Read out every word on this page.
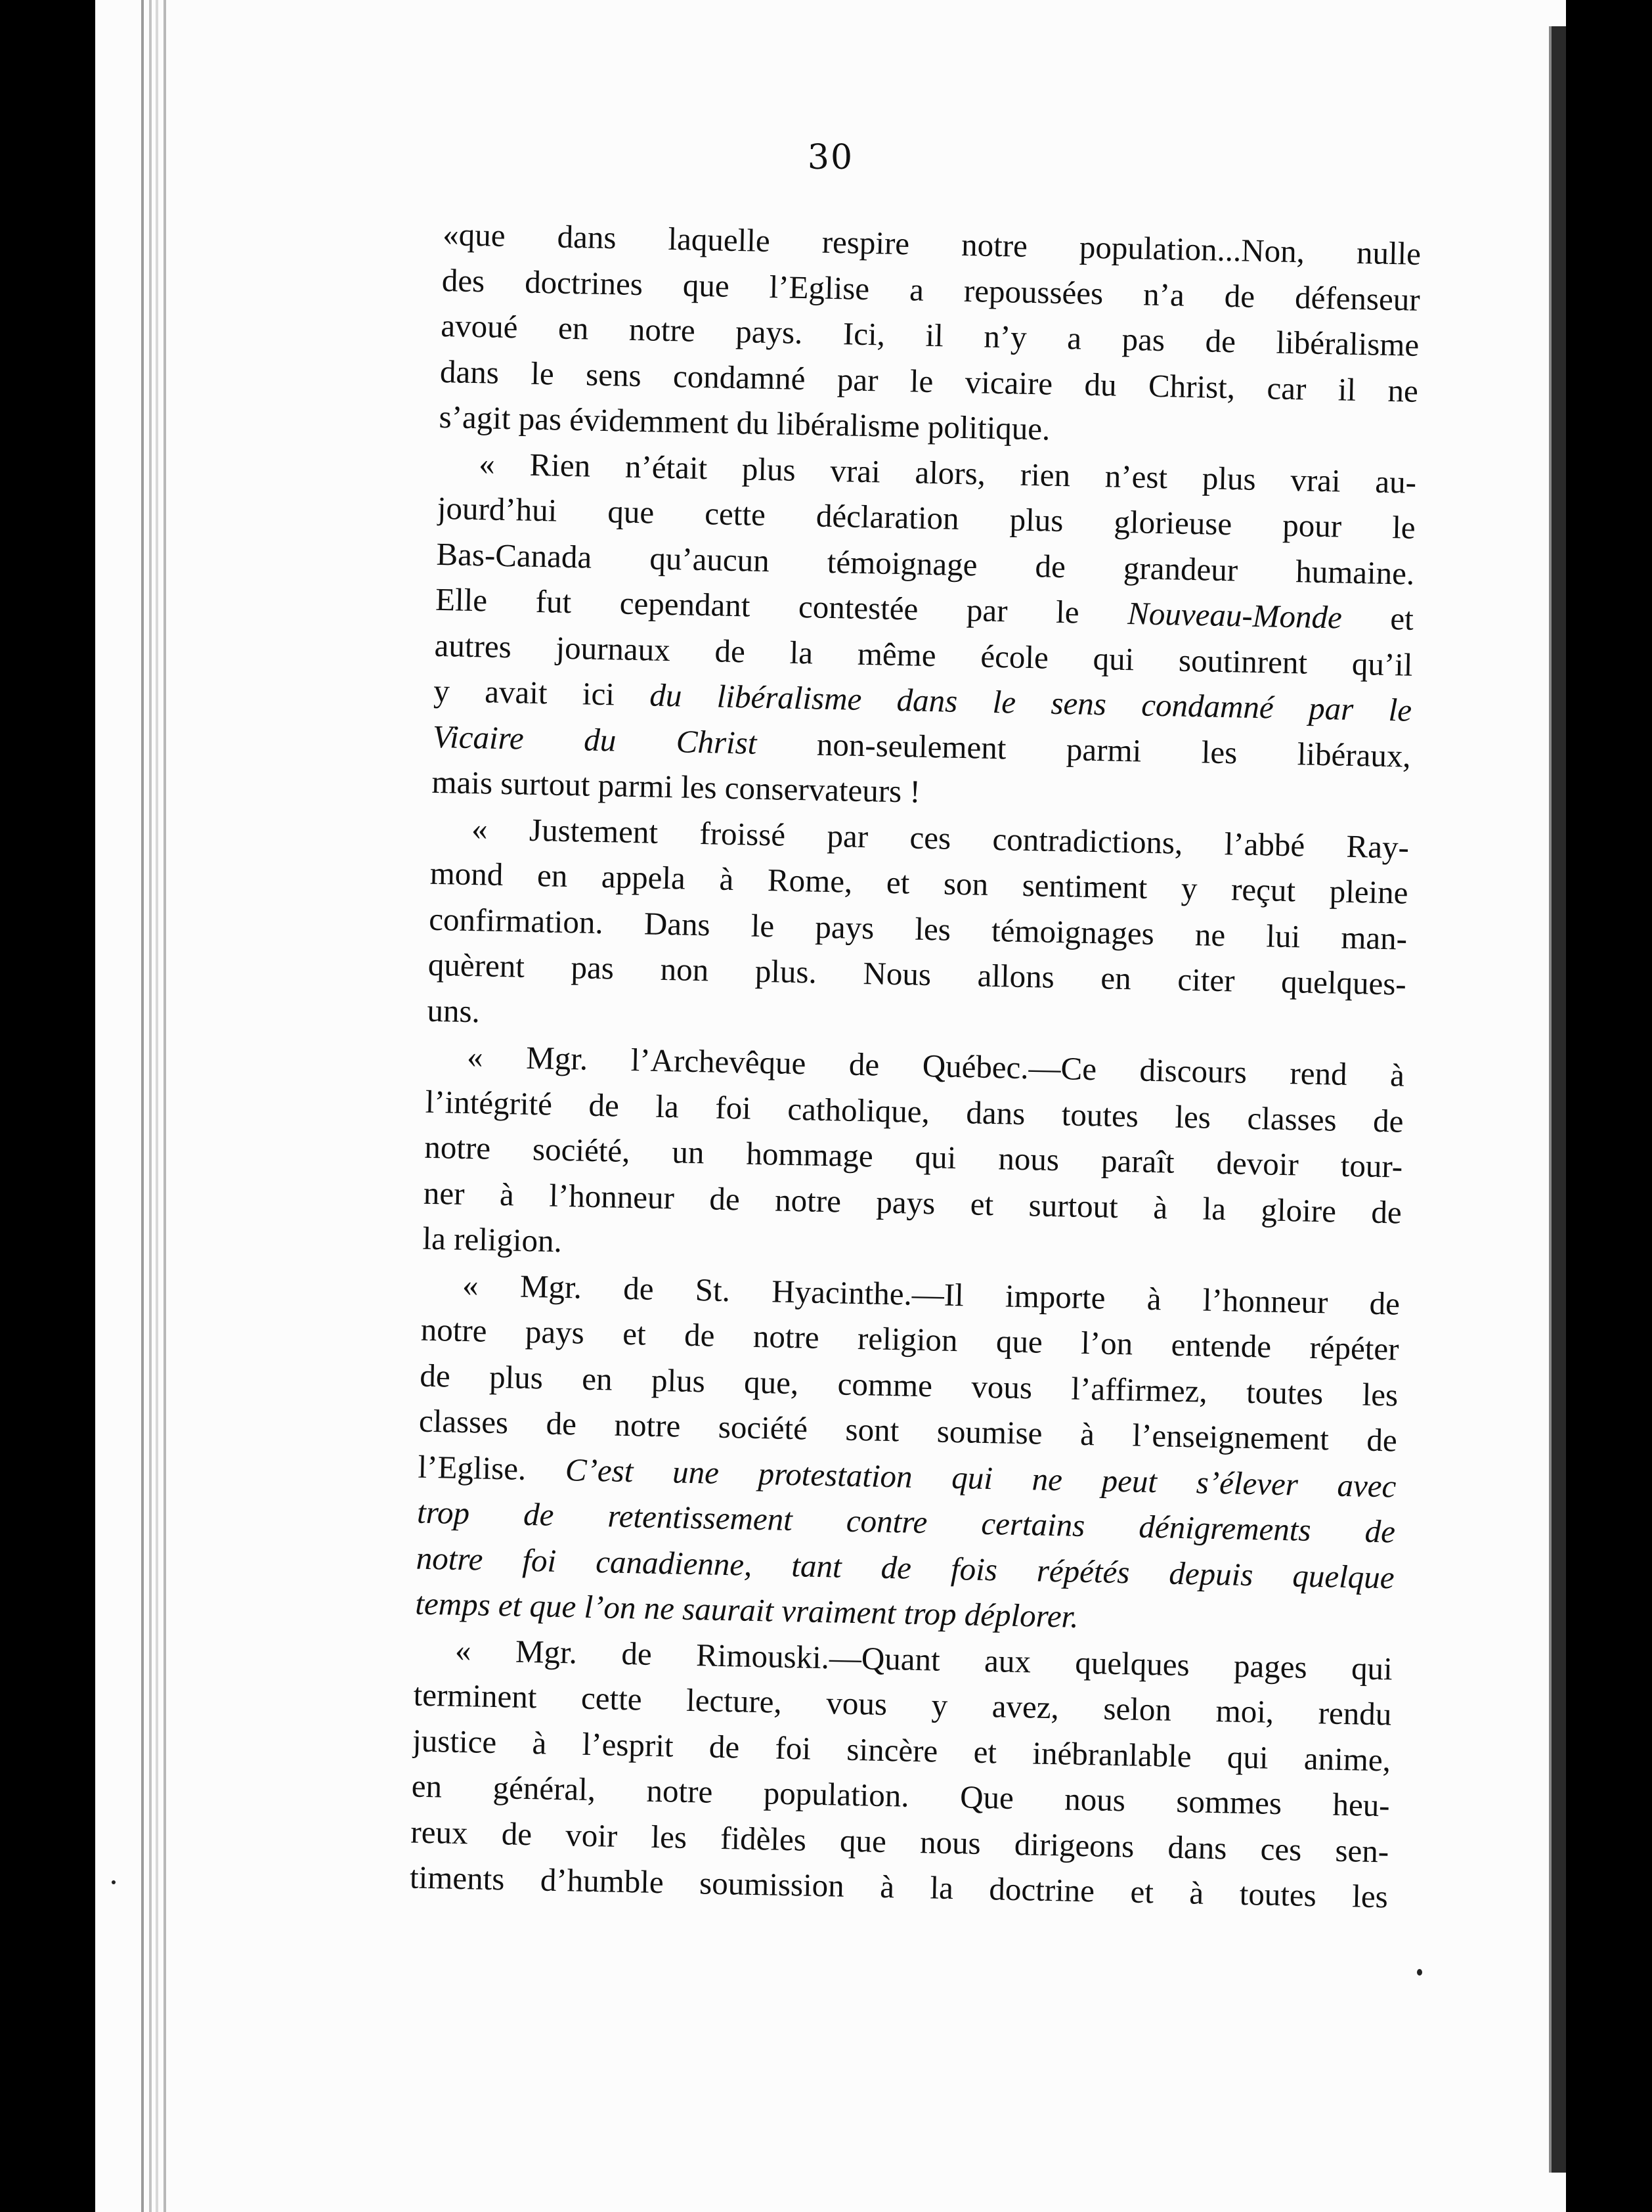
30
«que dans laquelle respire notre population...Non, nulle
des doctrines que l’Eglise a repoussées n’a de défenseur
avoué en notre pays. Ici, il n’y a pas de libéralisme
dans le sens condamné par le vicaire du Christ, car il ne
s’agit pas évidemment du libéralisme politique.
« Rien n’était plus vrai alors, rien n’est plus vrai au-
jourd’hui que cette déclaration plus glorieuse pour le
Bas-Canada qu’aucun témoignage de grandeur humaine.
Elle fut cependant contestée par le Nouveau-Monde et
autres journaux de la même école qui soutinrent qu’il
y avait ici du libéralisme dans le sens condamné par le
Vicaire du Christ non-seulement parmi les libéraux,
mais surtout parmi les conservateurs !
« Justement froissé par ces contradictions, l’abbé Ray-
mond en appela à Rome, et son sentiment y reçut pleine
confirmation. Dans le pays les témoignages ne lui man-
quèrent pas non plus. Nous allons en citer quelques-
uns.
« Mgr. l’Archevêque de Québec.—Ce discours rend à
l’intégrité de la foi catholique, dans toutes les classes de
notre société, un hommage qui nous paraît devoir tour-
ner à l’honneur de notre pays et surtout à la gloire de
la religion.
« Mgr. de St. Hyacinthe.—Il importe à l’honneur de
notre pays et de notre religion que l’on entende répéter
de plus en plus que, comme vous l’affirmez, toutes les
classes de notre société sont soumise à l’enseignement de
l’Eglise. C’est une protestation qui ne peut s’élever avec
trop de retentissement contre certains dénigrements de
notre foi canadienne, tant de fois répétés depuis quelque
temps et que l’on ne saurait vraiment trop déplorer.
« Mgr. de Rimouski.—Quant aux quelques pages qui
terminent cette lecture, vous y avez, selon moi, rendu
justice à l’esprit de foi sincère et inébranlable qui anime,
en général, notre population. Que nous sommes heu-
reux de voir les fidèles que nous dirigeons dans ces sen-
timents d’humble soumission à la doctrine et à toutes les
